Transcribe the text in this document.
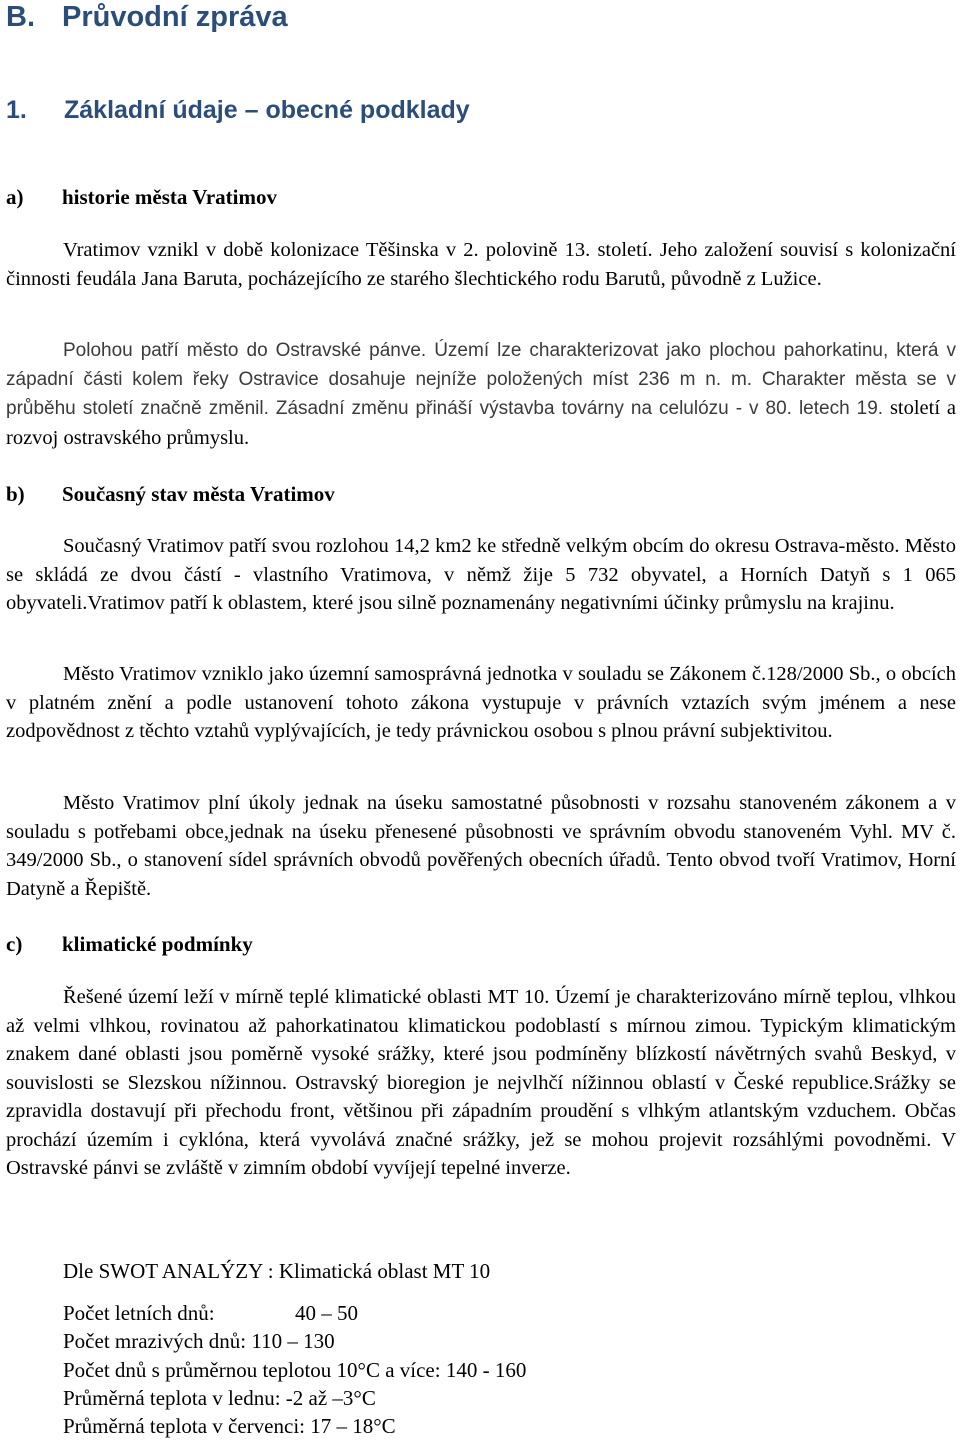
B. Průvodní zpráva
1. Základní údaje – obecné podklady
a) historie města Vratimov
Vratimov vznikl v době kolonizace Těšinska v 2. polovině 13. století. Jeho založení souvisí s kolonizační činnosti feudála Jana Baruta, pocházejícího ze starého šlechtického rodu Barutů, původně z Lužice.
Polohou patří město do Ostravské pánve. Území lze charakterizovat jako plochou pahorkatinu, která v západní části kolem řeky Ostravice dosahuje nejníže položených míst 236 m n. m. Charakter města se v průběhu století značně změnil. Zásadní změnu přináší výstavba továrny na celulózu - v 80. letech 19. století a rozvoj ostravského průmyslu.
b) Současný stav města Vratimov
Současný Vratimov patří svou rozlohou 14,2 km2 ke středně velkým obcím do okresu Ostrava-město. Město se skládá ze dvou částí - vlastního Vratimova, v němž žije 5 732 obyvatel, a Horních Datyň s 1 065 obyvateli.Vratimov patří k oblastem, které jsou silně poznamenány negativními účinky průmyslu na krajinu.
Město Vratimov vzniklo jako územní samosprávná jednotka v souladu se Zákonem č.128/2000 Sb., o obcích v platném znění a podle ustanovení tohoto zákona vystupuje v právních vztazích svým jménem a nese zodpovědnost z těchto vztahů vyplývajících, je tedy právnickou osobou s plnou právní subjektivitou.
Město Vratimov plní úkoly jednak na úseku samostatné působnosti v rozsahu stanoveném zákonem a v souladu s potřebami obce,jednak na úseku přenesené působnosti ve správním obvodu stanoveném Vyhl. MV č. 349/2000 Sb., o stanovení sídel správních obvodů pověřených obecních úřadů. Tento obvod tvoří Vratimov, Horní Datyně a Řepiště.
c) klimatické podmínky
Řešené území leží v mírně teplé klimatické oblasti MT 10. Území je charakterizováno mírně teplou, vlhkou až velmi vlhkou, rovinatou až pahorkatinatou klimatickou podoblastí s mírnou zimou. Typickým klimatickým znakem dané oblasti jsou poměrně vysoké srážky, které jsou podmíněny blízkostí návětrných svahů Beskyd, v souvislosti se Slezskou nížinnou. Ostravský bioregion je nejvlhčí nížinnou oblastí v České republice.Srážky se zpravidla dostavují při přechodu front, většinou při západním proudění s vlhkým atlantským vzduchem. Občas prochází územím i cyklóna, která vyvolává značné srážky, jež se mohou projevit rozsáhlými povodněmi. V Ostravské pánvi se zvláště v zimním období vyvíjejí tepelné inverze.
Dle SWOT ANALÝZY : Klimatická oblast MT 10
Počet letních dnů:	40 – 50
Počet mrazivých dnů: 110 – 130
Počet dnů s průměrnou teplotou 10°C a více: 140 - 160
Průměrná teplota v lednu: -2 až –3°C
Průměrná teplota v červenci: 17 – 18°C
